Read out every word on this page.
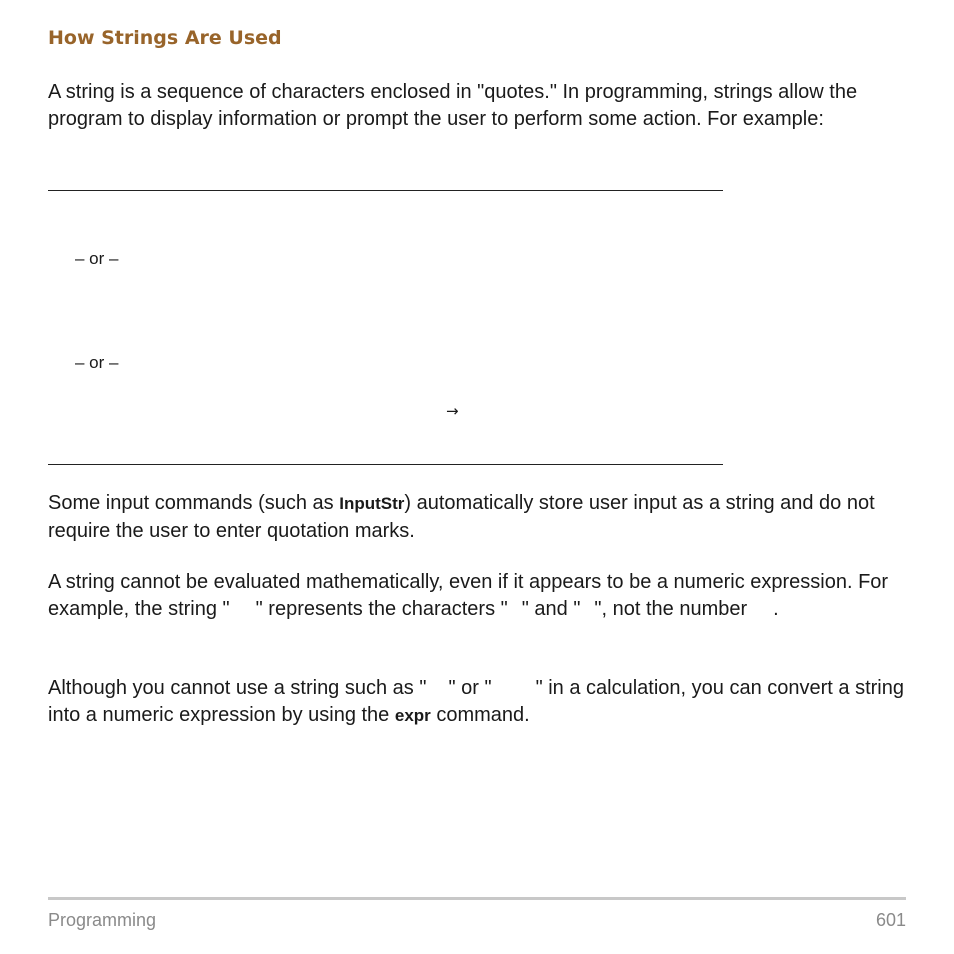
How Strings Are Used

A string is a sequence of characters enclosed in "quotes." In programming, strings allow the program to display information or prompt the user to perform some action. For example:

– or –
– or –
→

Some input commands (such as InputStr) automatically store user input as a string and do not require the user to enter quotation marks.

A string cannot be evaluated mathematically, even if it appears to be a numeric expression. For example, the string " " represents the characters " " and " ", not the number .

Although you cannot use a string such as " " or " " in a calculation, you can convert a string into a numeric expression by using the expr command.

Programming	601
